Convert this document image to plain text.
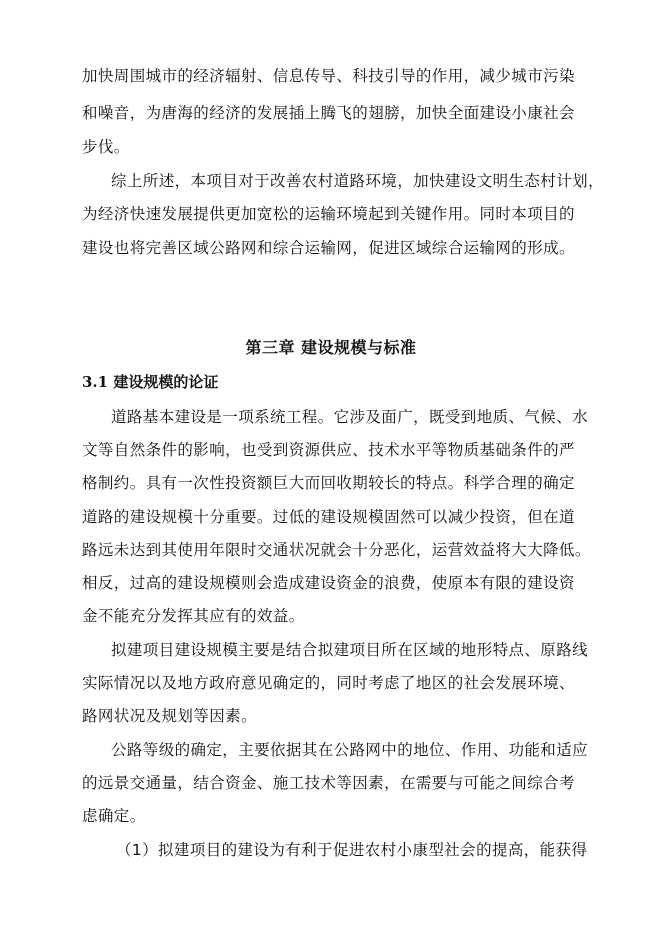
加快周围城市的经济辐射、信息传导、科技引导的作用，减少城市污染
和噪音，为唐海的经济的发展插上腾飞的翅膀，加快全面建设小康社会
步伐。
综上所述，本项目对于改善农村道路环境，加快建设文明生态村计划，
为经济快速发展提供更加宽松的运输环境起到关键作用。同时本项目的
建设也将完善区域公路网和综合运输网，促进区域综合运输网的形成。
第三章 建设规模与标准
3.1 建设规模的论证
道路基本建设是一项系统工程。它涉及面广，既受到地质、气候、水
文等自然条件的影响，也受到资源供应、技术水平等物质基础条件的严
格制约。具有一次性投资额巨大而回收期较长的特点。科学合理的确定
道路的建设规模十分重要。过低的建设规模固然可以减少投资，但在道
路远未达到其使用年限时交通状况就会十分恶化，运营效益将大大降低。
相反，过高的建设规模则会造成建设资金的浪费，使原本有限的建设资
金不能充分发挥其应有的效益。
拟建项目建设规模主要是结合拟建项目所在区域的地形特点、原路线
实际情况以及地方政府意见确定的，同时考虑了地区的社会发展环境、
路网状况及规划等因素。
公路等级的确定，主要依据其在公路网中的地位、作用、功能和适应
的远景交通量，结合资金、施工技术等因素，在需要与可能之间综合考
虑确定。
（1）拟建项目的建设为有利于促进农村小康型社会的提高，能获得
